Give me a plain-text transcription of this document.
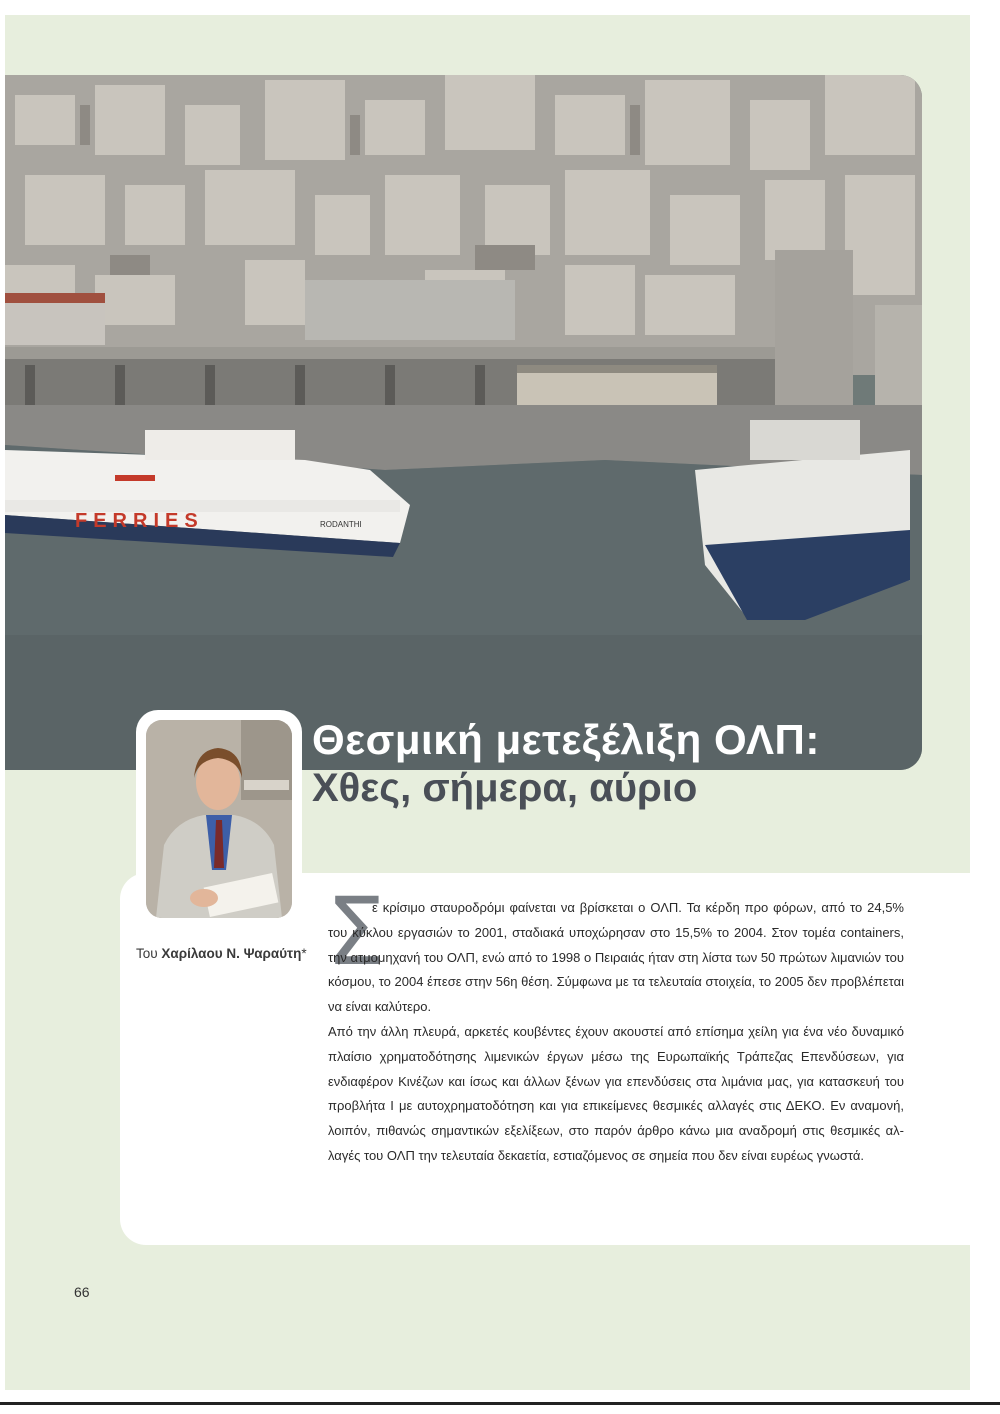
FERRIES	RODANTHI
Θεσμική μετεξέλιξη ΟΛΠ:
Χθες, σήμερα, αύριο
Του Χαρίλαου Ν. Ψαραύτη* Σ

ε κρίσιμο σταυροδρόμι φαίνεται να βρίσκεται ο ΟΛΠ. Τα κέρδη προ φόρων, από το 24,5% του κύκλου εργασιών το 2001, σταδιακά υποχώρησαν στο 15,5% το 2004. Στον τομέα containers, την ατμομηχανή του ΟΛΠ, ενώ από το 1998 ο Πειραιάς ήταν στη λίστα των 50 πρώτων λιμανιών του κόσμου, το 2004 έπεσε στην 56η θέση. Σύμφωνα με τα τελευταία στοιχεία, το 2005 δεν προβλέπεται να είναι καλύτερο.

Από την άλλη πλευρά, αρκετές κουβέντες έχουν ακουστεί από επίσημα χείλη για ένα νέο δυναμικό πλαίσιο χρηματοδότησης λιμενικών έργων μέσω της Ευρωπαϊκής Τράπεζας Επενδύσεων, για ενδιαφέρον Κινέζων και ίσως και άλλων ξένων για επενδύσεις στα λιμάνια μας, για κατασκευή του προβλήτα Ι με αυτοχρηματοδότηση και για επικείμενες θεσμικές αλλαγές στις ΔΕΚΟ. Εν αναμονή, λοιπόν, πιθανώς σημαντικών εξελίξεων, στο παρόν άρθρο κάνω μια αναδρομή στις θεσμικές αλλαγές του ΟΛΠ την τελευταία δεκαετία, εστιαζόμενος σε σημεία που δεν είναι ευρέως γνωστά.

66
